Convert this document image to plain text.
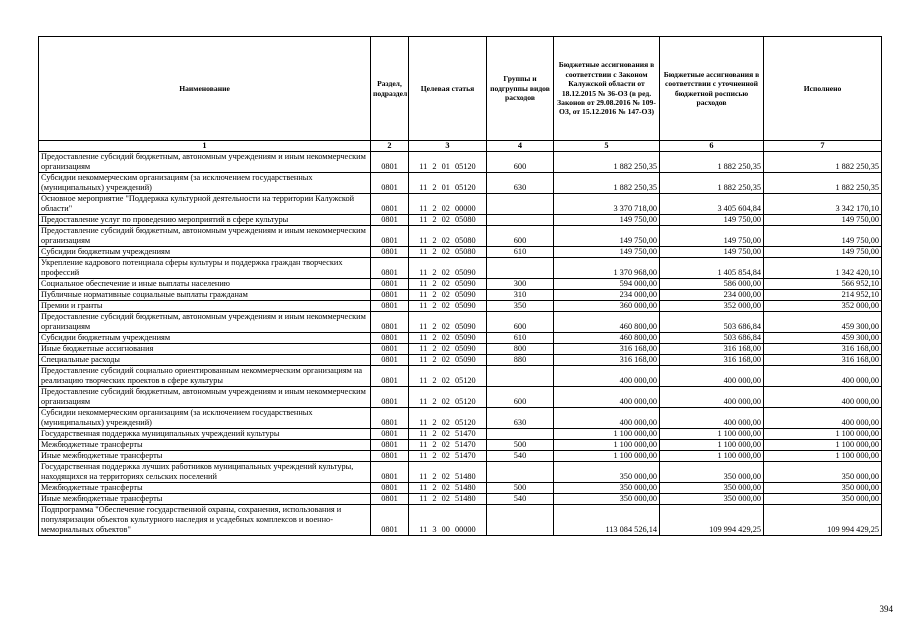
Наименование	Раздел, подраздел	Целевая статья	Группы и подгруппы видов расходов	Бюджетные ассигнования в соответствии с Законом Калужской области от 18.12.2015 № 36-ОЗ (в ред. Законов от 29.08.2016 № 109-ОЗ, от 15.12.2016 № 147-ОЗ)	Бюджетные ассигнования в соответствии с уточненной бюджетной росписью расходов	Исполнено
1	2	3	4	5	6	7
Предоставление субсидий бюджетным, автономным учреждениям и иным некоммерческим организациям	0801	11 2 01 05120	600	1 882 250,35	1 882 250,35	1 882 250,35
Субсидии некоммерческим организациям (за исключением государственных (муниципальных) учреждений)	0801	11 2 01 05120	630	1 882 250,35	1 882 250,35	1 882 250,35
Основное мероприятие "Поддержка культурной деятельности на территории Калужской области"	0801	11 2 02 00000		3 370 718,00	3 405 604,84	3 342 170,10
Предоставление услуг по проведению мероприятий в сфере культуры	0801	11 2 02 05080		149 750,00	149 750,00	149 750,00
Предоставление субсидий бюджетным, автономным учреждениям и иным некоммерческим организациям	0801	11 2 02 05080	600	149 750,00	149 750,00	149 750,00
Субсидии бюджетным учреждениям	0801	11 2 02 05080	610	149 750,00	149 750,00	149 750,00
Укрепление кадрового потенциала сферы культуры и поддержка граждан творческих профессий	0801	11 2 02 05090		1 370 968,00	1 405 854,84	1 342 420,10
Социальное обеспечение и иные выплаты населению	0801	11 2 02 05090	300	594 000,00	586 000,00	566 952,10
Публичные нормативные социальные выплаты гражданам	0801	11 2 02 05090	310	234 000,00	234 000,00	214 952,10
Премии и гранты	0801	11 2 02 05090	350	360 000,00	352 000,00	352 000,00
Предоставление субсидий бюджетным, автономным учреждениям и иным некоммерческим организациям	0801	11 2 02 05090	600	460 800,00	503 686,84	459 300,00
Субсидии бюджетным учреждениям	0801	11 2 02 05090	610	460 800,00	503 686,84	459 300,00
Иные бюджетные ассигнования	0801	11 2 02 05090	800	316 168,00	316 168,00	316 168,00
Специальные расходы	0801	11 2 02 05090	880	316 168,00	316 168,00	316 168,00
Предоставление субсидий социально ориентированным некоммерческим организациям на реализацию творческих проектов в сфере культуры	0801	11 2 02 05120		400 000,00	400 000,00	400 000,00
Предоставление субсидий бюджетным, автономным учреждениям и иным некоммерческим организациям	0801	11 2 02 05120	600	400 000,00	400 000,00	400 000,00
Субсидии некоммерческим организациям (за исключением государственных (муниципальных) учреждений)	0801	11 2 02 05120	630	400 000,00	400 000,00	400 000,00
Государственная поддержка муниципальных учреждений культуры	0801	11 2 02 51470		1 100 000,00	1 100 000,00	1 100 000,00
Межбюджетные трансферты	0801	11 2 02 51470	500	1 100 000,00	1 100 000,00	1 100 000,00
Иные межбюджетные трансферты	0801	11 2 02 51470	540	1 100 000,00	1 100 000,00	1 100 000,00
Государственная поддержка лучших работников муниципальных учреждений культуры, находящихся на территориях сельских поселений	0801	11 2 02 51480		350 000,00	350 000,00	350 000,00
Межбюджетные трансферты	0801	11 2 02 51480	500	350 000,00	350 000,00	350 000,00
Иные межбюджетные трансферты	0801	11 2 02 51480	540	350 000,00	350 000,00	350 000,00
Подпрограмма "Обеспечение государственной охраны, сохранения, использования и популяризации объектов культурного наследия и усадебных комплексов и военно-мемориальных объектов"	0801	11 3 00 00000		113 084 526,14	109 994 429,25	109 994 429,25
394
